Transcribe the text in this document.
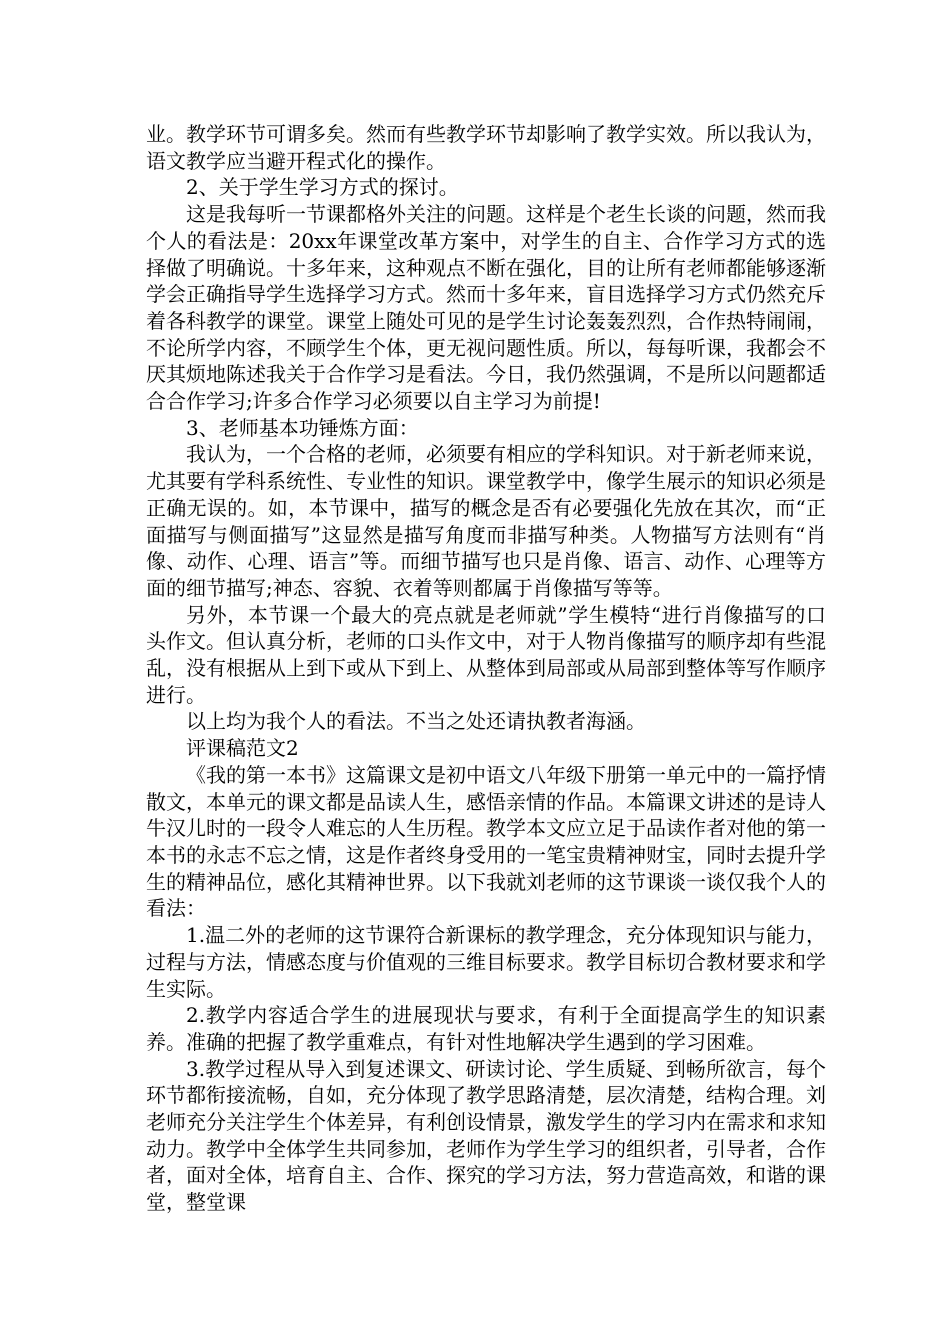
业。教学环节可谓多矣。然而有些教学环节却影响了教学实效。所以我认为，语文教学应当避开程式化的操作。

2、关于学生学习方式的探讨。

这是我每听一节课都格外关注的问题。这样是个老生长谈的问题，然而我个人的看法是：20xx年课堂改革方案中，对学生的自主、合作学习方式的选择做了明确说。十多年来，这种观点不断在强化，目的让所有老师都能够逐渐学会正确指导学生选择学习方式。然而十多年来，盲目选择学习方式仍然充斥着各科教学的课堂。课堂上随处可见的是学生讨论轰轰烈烈，合作热特闹闹，不论所学内容，不顾学生个体，更无视问题性质。所以，每每听课，我都会不厌其烦地陈述我关于合作学习是看法。今日，我仍然强调，不是所以问题都适合合作学习;许多合作学习必须要以自主学习为前提!

3、老师基本功锤炼方面：

我认为，一个合格的老师，必须要有相应的学科知识。对于新老师来说，尤其要有学科系统性、专业性的知识。课堂教学中，像学生展示的知识必须是正确无误的。如，本节课中，描写的概念是否有必要强化先放在其次，而“正面描写与侧面描写”这显然是描写角度而非描写种类。人物描写方法则有“肖像、动作、心理、语言”等。而细节描写也只是肖像、语言、动作、心理等方面的细节描写;神态、容貌、衣着等则都属于肖像描写等等。

另外，本节课一个最大的亮点就是老师就”学生模特“进行肖像描写的口头作文。但认真分析，老师的口头作文中，对于人物肖像描写的顺序却有些混乱，没有根据从上到下或从下到上、从整体到局部或从局部到整体等写作顺序进行。

以上均为我个人的看法。不当之处还请执教者海涵。

评课稿范文2

《我的第一本书》这篇课文是初中语文八年级下册第一单元中的一篇抒情散文，本单元的课文都是品读人生，感悟亲情的作品。本篇课文讲述的是诗人牛汉儿时的一段令人难忘的人生历程。教学本文应立足于品读作者对他的第一本书的永志不忘之情，这是作者终身受用的一笔宝贵精神财宝，同时去提升学生的精神品位，感化其精神世界。以下我就刘老师的这节课谈一谈仅我个人的看法：

1.温二外的老师的这节课符合新课标的教学理念，充分体现知识与能力，过程与方法，情感态度与价值观的三维目标要求。教学目标切合教材要求和学生实际。

2.教学内容适合学生的进展现状与要求，有利于全面提高学生的知识素养。准确的把握了教学重难点，有针对性地解决学生遇到的学习困难。

3.教学过程从导入到复述课文、研读讨论、学生质疑、到畅所欲言，每个环节都衔接流畅，自如，充分体现了教学思路清楚，层次清楚，结构合理。刘老师充分关注学生个体差异，有利创设情景，激发学生的学习内在需求和求知动力。教学中全体学生共同参加，老师作为学生学习的组织者，引导者，合作者，面对全体，培育自主、合作、探究的学习方法，努力营造高效，和谐的课堂，整堂课
